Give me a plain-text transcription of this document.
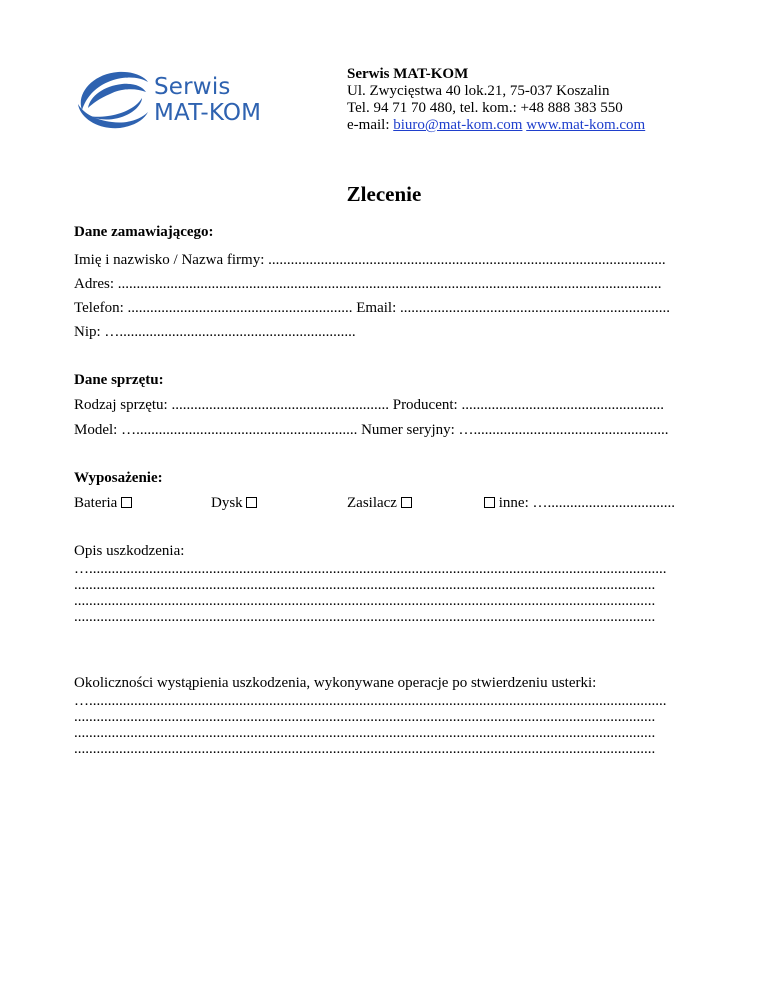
Serwis
MAT-KOM
Serwis MAT-KOM
Ul. Zwycięstwa 40 lok.21, 75-037 Koszalin
Tel. 94 71 70 480, tel. kom.: +48 888 383 550
e-mail: biuro@mat-kom.com www.mat-kom.com
Zlecenie
Dane zamawiającego:
Imię i nazwisko / Nazwa firmy: ..........................................................................................................
Adres: .................................................................................................................................................
Telefon: ............................................................ Email: ........................................................................
Nip: …...............................................................
Dane sprzętu:
Rodzaj sprzętu: .......................................................... Producent: ......................................................
Model: …........................................................... Numer seryjny: …....................................................
Wyposażenie:
Bateria	Dysk	Zasilacz	inne: …..................................
Opis uszkodzenia:
…..........................................................................................................................................................
...........................................................................................................................................................
...........................................................................................................................................................
...........................................................................................................................................................
Okoliczności wystąpienia uszkodzenia, wykonywane operacje po stwierdzeniu usterki:
…..........................................................................................................................................................
...........................................................................................................................................................
...........................................................................................................................................................
...........................................................................................................................................................
